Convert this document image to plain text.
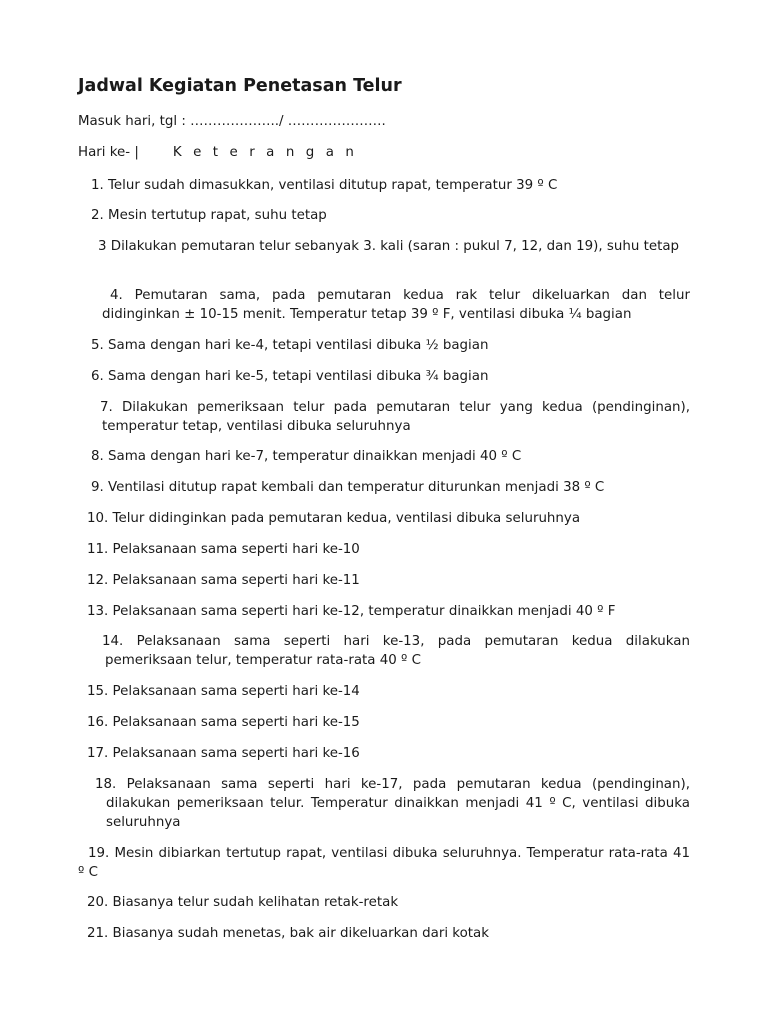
Jadwal Kegiatan Penetasan Telur
Masuk hari, tgl : ………………../ ………………….
Hari ke- |	K e t e r a n g a n
1. Telur sudah dimasukkan, ventilasi ditutup rapat, temperatur 39 º C
2. Mesin tertutup rapat, suhu tetap
3 Dilakukan pemutaran telur sebanyak 3. kali (saran : pukul 7, 12, dan 19), suhu tetap
4. Pemutaran sama, pada pemutaran kedua rak telur dikeluarkan dan telur didinginkan ± 10-15 menit. Temperatur tetap 39 º F, ventilasi dibuka ¼ bagian
5. Sama dengan hari ke-4, tetapi ventilasi dibuka ½ bagian
6. Sama dengan hari ke-5, tetapi ventilasi dibuka ¾ bagian
7. Dilakukan pemeriksaan telur pada pemutaran telur yang kedua (pendinginan), temperatur tetap, ventilasi dibuka seluruhnya
8. Sama dengan hari ke-7, temperatur dinaikkan menjadi 40 º C
9. Ventilasi ditutup rapat kembali dan temperatur diturunkan menjadi 38 º C
10. Telur didinginkan pada pemutaran kedua, ventilasi dibuka seluruhnya
11. Pelaksanaan sama seperti hari ke-10
12. Pelaksanaan sama seperti hari ke-11
13. Pelaksanaan sama seperti hari ke-12, temperatur dinaikkan menjadi 40 º F
14. Pelaksanaan sama seperti hari ke-13, pada pemutaran kedua dilakukan pemeriksaan telur, temperatur rata-rata 40 º C
15. Pelaksanaan sama seperti hari ke-14
16. Pelaksanaan sama seperti hari ke-15
17. Pelaksanaan sama seperti hari ke-16
18. Pelaksanaan sama seperti hari ke-17, pada pemutaran kedua (pendinginan), dilakukan pemeriksaan telur. Temperatur dinaikkan menjadi 41 º C, ventilasi dibuka seluruhnya
19. Mesin dibiarkan tertutup rapat, ventilasi dibuka seluruhnya. Temperatur rata-rata 41 º C
20. Biasanya telur sudah kelihatan retak-retak
21. Biasanya sudah menetas, bak air dikeluarkan dari kotak
